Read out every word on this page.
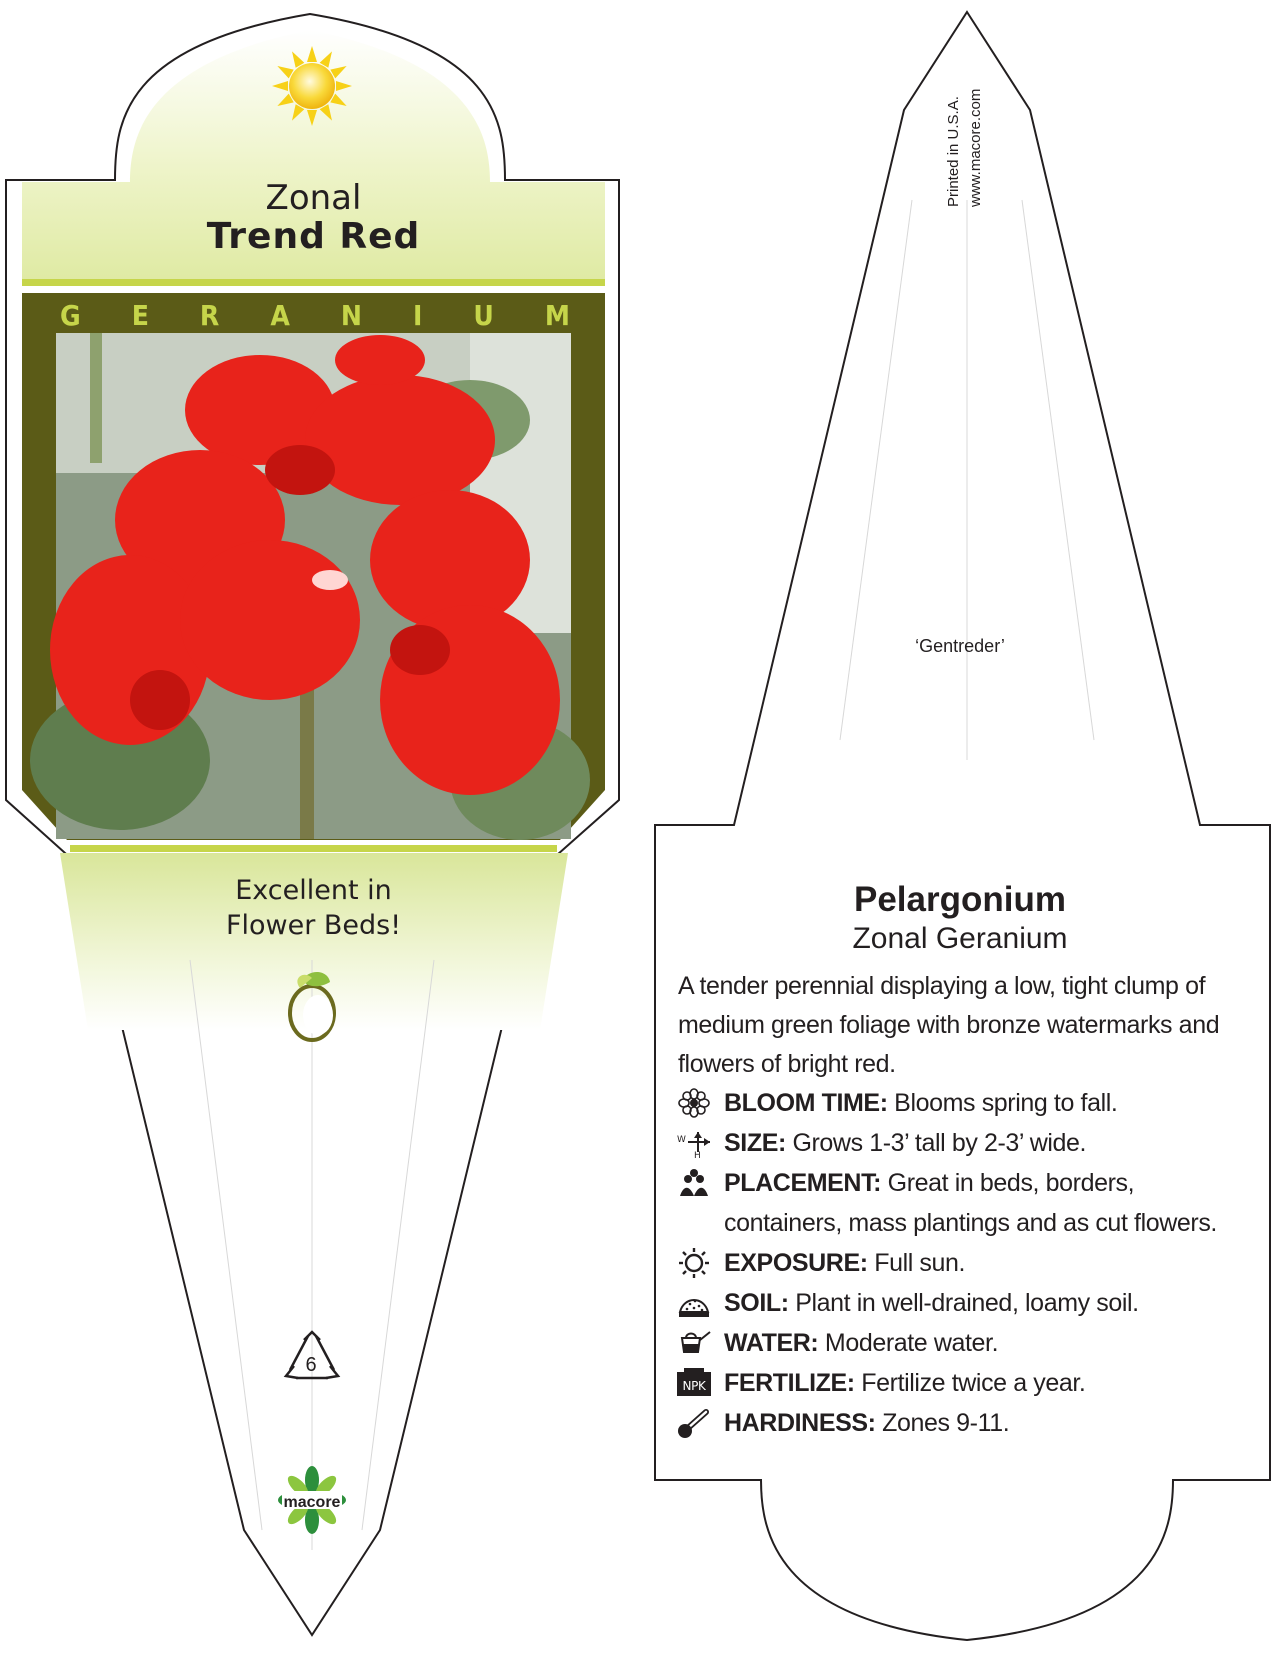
Zonal

Trend Red

G E R A N I U M
Excellent in
Flower Beds!

6

macore

Printed in U.S.A. www.macore.com

‘Gentreder’

Pelargonium

Zonal Geranium

A tender perennial displaying a low, tight clump of medium green foliage with bronze watermarks and flowers of bright red.

BLOOM TIME: Blooms spring to fall.
W
H SIZE: Grows 1-3’ tall by 2-3’ wide.
PLACEMENT: Great in beds, borders, containers, mass plantings and as cut flowers.
EXPOSURE: Full sun.
SOIL: Plant in well-drained, loamy soil.
WATER: Moderate water.
NPK FERTILIZE: Fertilize twice a year.
HARDINESS: Zones 9-11.
